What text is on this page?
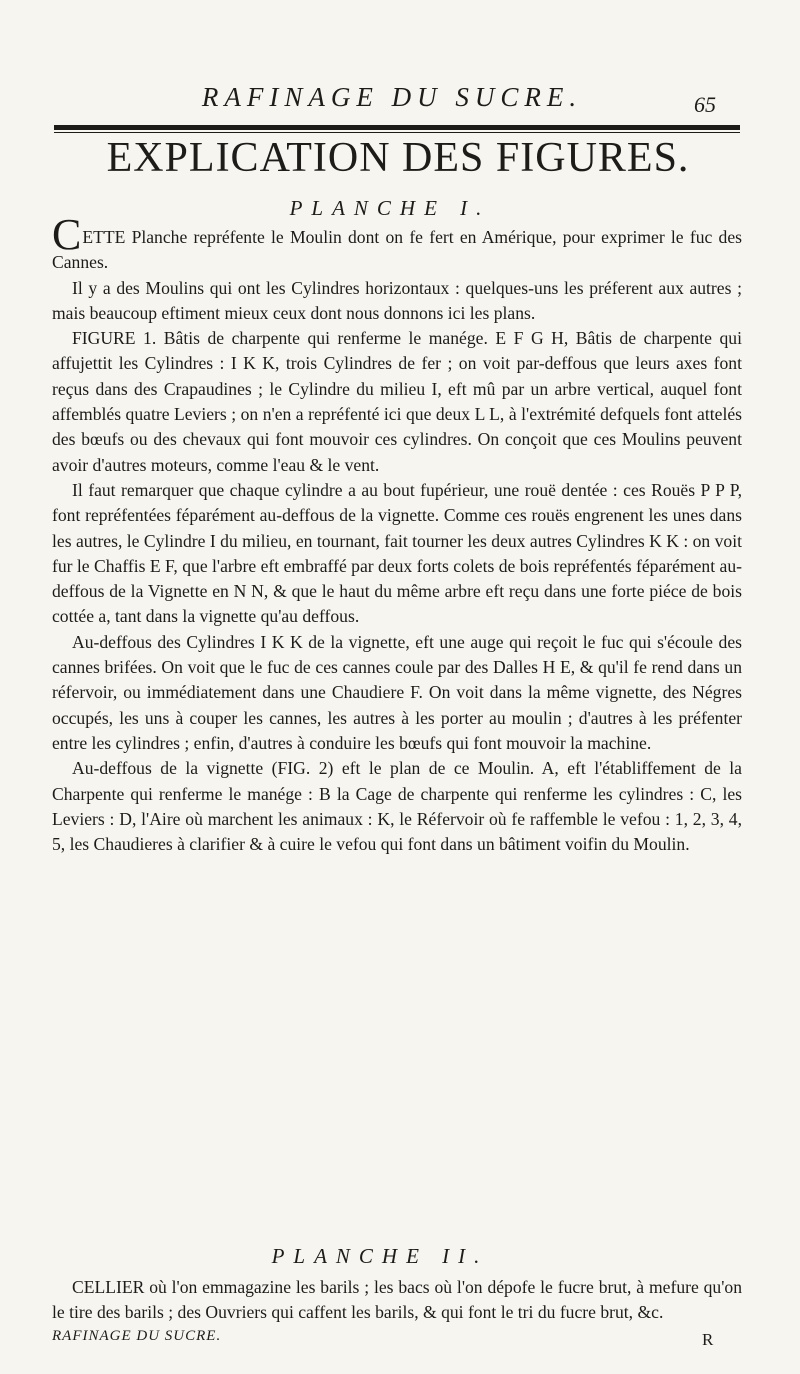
RAFINAGE DU SUCRE.	65
EXPLICATION DES FIGURES.
PLANCHE I.

CETTE Planche repréfente le Moulin dont on fe fert en Amérique, pour exprimer le fuc des Cannes.

Il y a des Moulins qui ont les Cylindres horizontaux : quelques-uns les préferent aux autres ; mais beaucoup eftiment mieux ceux dont nous donnons ici les plans.

FIGURE 1. Bâtis de charpente qui renferme le manége. E F G H, Bâtis de charpente qui affujettit les Cylindres : I K K, trois Cylindres de fer ; on voit par-deffous que leurs axes font reçus dans des Crapaudines ; le Cylindre du milieu I, eft mû par un arbre vertical, auquel font affemblés quatre Leviers ; on n'en a repréfenté ici que deux L L, à l'extrémité defquels font attelés des bœufs ou des chevaux qui font mouvoir ces cylindres. On conçoit que ces Moulins peuvent avoir d'autres moteurs, comme l'eau & le vent.

Il faut remarquer que chaque cylindre a au bout fupérieur, une rouë dentée : ces Rouës P P P, font repréfentées féparément au-deffous de la vignette. Comme ces rouës engrenent les unes dans les autres, le Cylindre I du milieu, en tournant, fait tourner les deux autres Cylindres K K : on voit fur le Chaffis E F, que l'arbre eft embraffé par deux forts colets de bois repréfentés féparément au-deffous de la Vignette en N N, & que le haut du même arbre eft reçu dans une forte piéce de bois cottée a, tant dans la vignette qu'au deffous.

Au-deffous des Cylindres I K K de la vignette, eft une auge qui reçoit le fuc qui s'écoule des cannes brifées. On voit que le fuc de ces cannes coule par des Dalles H E, & qu'il fe rend dans un réfervoir, ou immédiatement dans une Chaudiere F. On voit dans la même vignette, des Négres occupés, les uns à couper les cannes, les autres à les porter au moulin ; d'autres à les préfenter entre les cylindres ; enfin, d'autres à conduire les bœufs qui font mouvoir la machine.

Au-deffous de la vignette (FIG. 2) eft le plan de ce Moulin. A, eft l'établiffement de la Charpente qui renferme le manége : B la Cage de charpente qui renferme les cylindres : C, les Leviers : D, l'Aire où marchent les animaux : K, le Réfervoir où fe raffemble le vefou : 1, 2, 3, 4, 5, les Chaudieres à clarifier & à cuire le vefou qui font dans un bâtiment voifin du Moulin.

PLANCHE II.

CELLIER où l'on emmagazine les barils ; les bacs où l'on dépofe le fucre brut, à mefure qu'on le tire des barils ; des Ouvriers qui caffent les barils, & qui font le tri du fucre brut, &c.

RAFINAGE DU SUCRE.	R
